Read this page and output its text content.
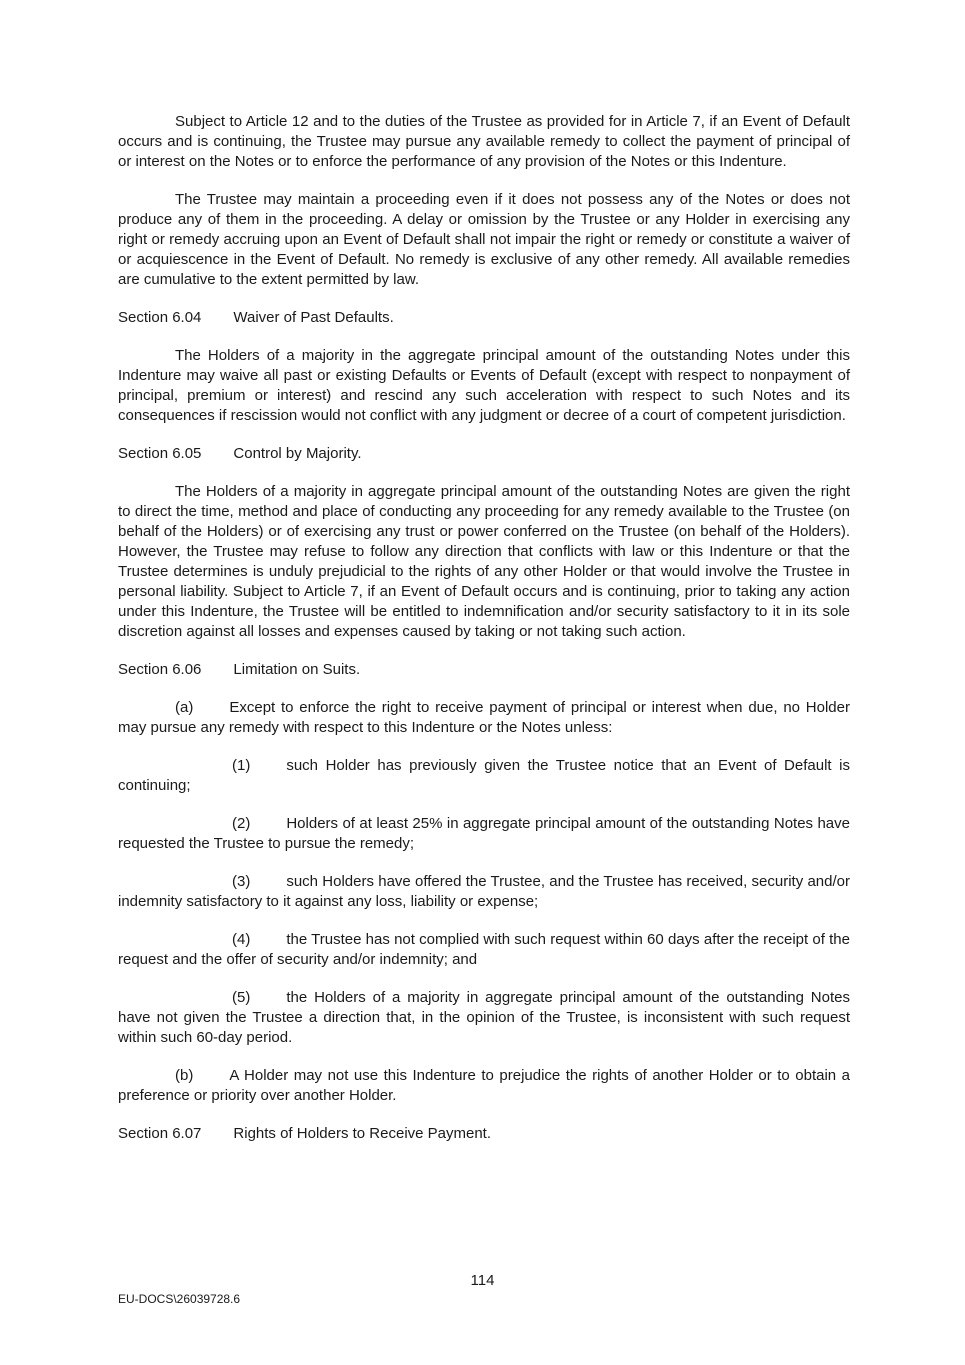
Subject to Article 12 and to the duties of the Trustee as provided for in Article 7, if an Event of Default occurs and is continuing, the Trustee may pursue any available remedy to collect the payment of principal of or interest on the Notes or to enforce the performance of any provision of the Notes or this Indenture.

The Trustee may maintain a proceeding even if it does not possess any of the Notes or does not produce any of them in the proceeding. A delay or omission by the Trustee or any Holder in exercising any right or remedy accruing upon an Event of Default shall not impair the right or remedy or constitute a waiver of or acquiescence in the Event of Default. No remedy is exclusive of any other remedy. All available remedies are cumulative to the extent permitted by law.

Section 6.04 Waiver of Past Defaults.

The Holders of a majority in the aggregate principal amount of the outstanding Notes under this Indenture may waive all past or existing Defaults or Events of Default (except with respect to nonpayment of principal, premium or interest) and rescind any such acceleration with respect to such Notes and its consequences if rescission would not conflict with any judgment or decree of a court of competent jurisdiction.

Section 6.05 Control by Majority.

The Holders of a majority in aggregate principal amount of the outstanding Notes are given the right to direct the time, method and place of conducting any proceeding for any remedy available to the Trustee (on behalf of the Holders) or of exercising any trust or power conferred on the Trustee (on behalf of the Holders). However, the Trustee may refuse to follow any direction that conflicts with law or this Indenture or that the Trustee determines is unduly prejudicial to the rights of any other Holder or that would involve the Trustee in personal liability. Subject to Article 7, if an Event of Default occurs and is continuing, prior to taking any action under this Indenture, the Trustee will be entitled to indemnification and/or security satisfactory to it in its sole discretion against all losses and expenses caused by taking or not taking such action.

Section 6.06 Limitation on Suits.

(a) Except to enforce the right to receive payment of principal or interest when due, no Holder may pursue any remedy with respect to this Indenture or the Notes unless:

(1) such Holder has previously given the Trustee notice that an Event of Default is continuing;

(2) Holders of at least 25% in aggregate principal amount of the outstanding Notes have requested the Trustee to pursue the remedy;

(3) such Holders have offered the Trustee, and the Trustee has received, security and/or indemnity satisfactory to it against any loss, liability or expense;

(4) the Trustee has not complied with such request within 60 days after the receipt of the request and the offer of security and/or indemnity; and

(5) the Holders of a majority in aggregate principal amount of the outstanding Notes have not given the Trustee a direction that, in the opinion of the Trustee, is inconsistent with such request within such 60-day period.

(b) A Holder may not use this Indenture to prejudice the rights of another Holder or to obtain a preference or priority over another Holder.

Section 6.07 Rights of Holders to Receive Payment.

114
EU-DOCS\26039728.6
